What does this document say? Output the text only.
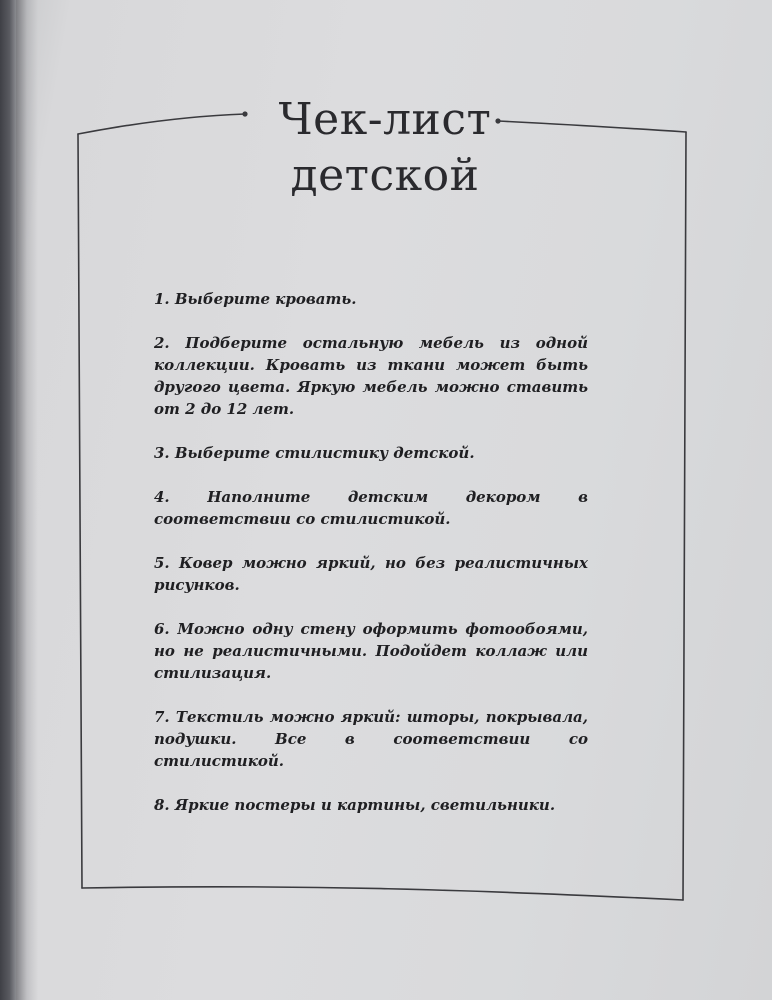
Чек-лист
детской
1. Выберите кровать.
2. Подберите остальную мебель из одной коллекции. Кровать из ткани может быть другого цвета. Яркую мебель можно ставить от 2 до 12 лет.
3. Выберите стилистику детской.
4. Наполните детским декором в соответствии со стилистикой.
5. Ковер можно яркий, но без реалистичных рисунков.
6. Можно одну стену оформить фотообоями, но не реалистичными. Подойдет коллаж или стилизация.
7. Текстиль можно яркий: шторы, покрывала, подушки. Все в соответствии со стилистикой.
8. Яркие постеры и картины, светильники.
